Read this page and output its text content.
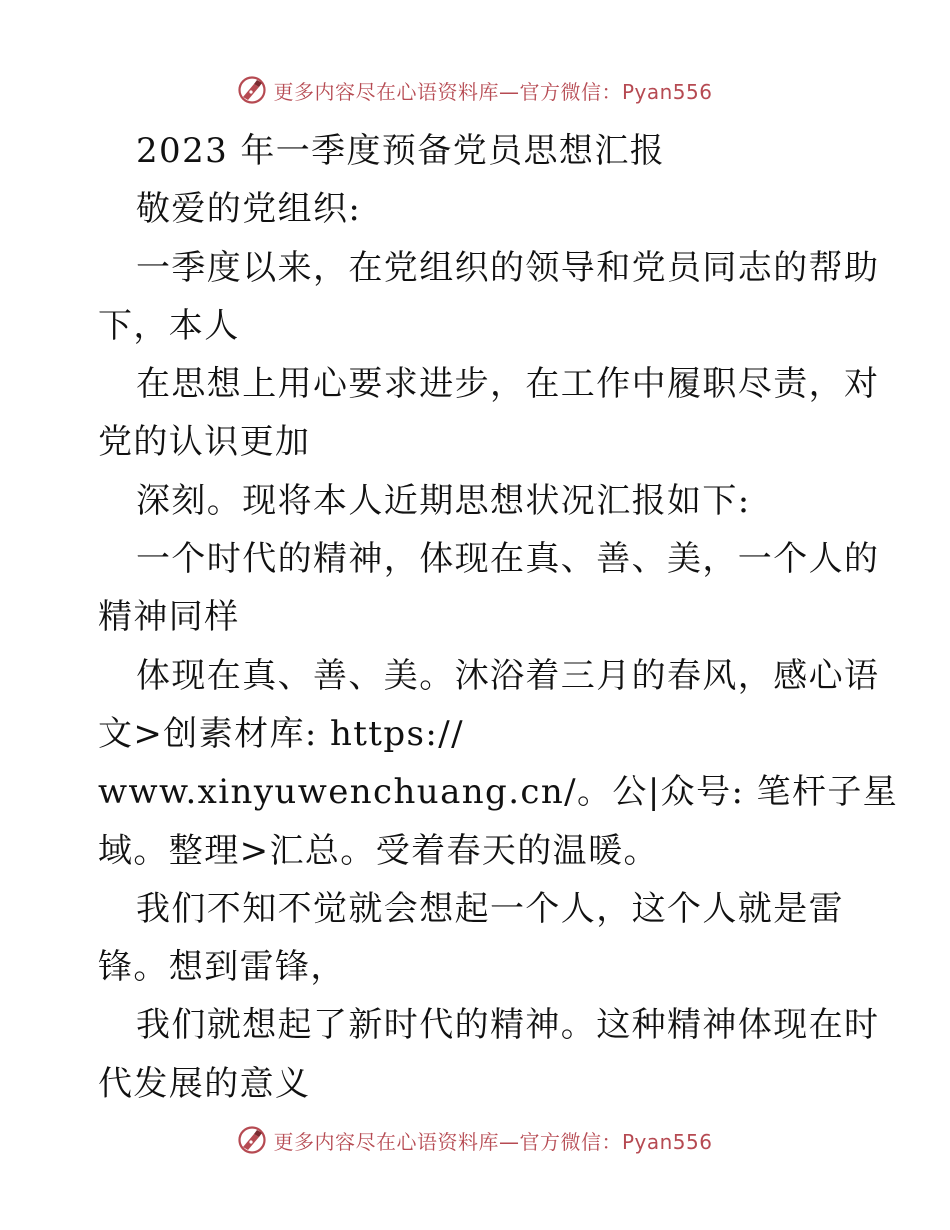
更多内容尽在心语资料库—官方微信：Pyan556
2023 年一季度预备党员思想汇报
敬爱的党组织:
一季度以来，在党组织的领导和党员同志的帮助
下，本人
在思想上用心要求进步，在工作中履职尽责，对
党的认识更加
深刻。现将本人近期思想状况汇报如下:
一个时代的精神，体现在真、善、美，一个人的
精神同样
体现在真、善、美。沐浴着三月的春风，感心语
文>创素材库: https://
www.xinyuwenchuang.cn/。公|众号: 笔杆子星
域。整理>汇总。受着春天的温暖。
我们不知不觉就会想起一个人，这个人就是雷
锋。想到雷锋，
我们就想起了新时代的精神。这种精神体现在时
代发展的意义
更多内容尽在心语资料库—官方微信：Pyan556
